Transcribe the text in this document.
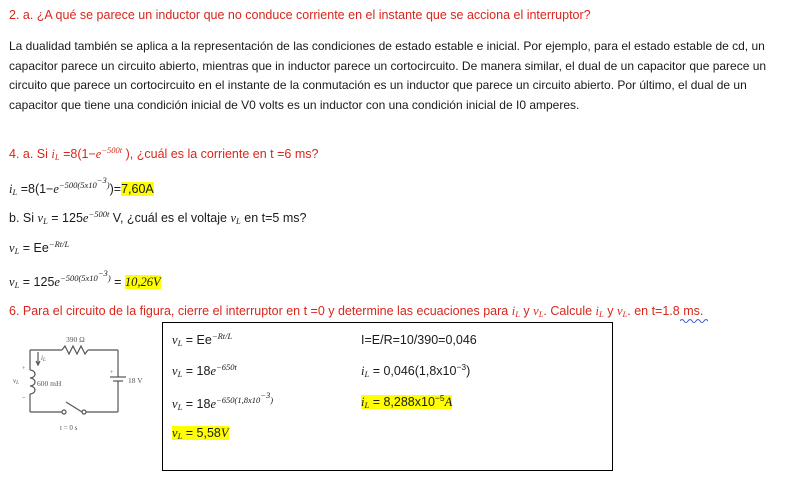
2. a. ¿A qué se parece un inductor que no conduce corriente en el instante que se acciona el interruptor?
La dualidad también se aplica a la representación de las condiciones de estado estable e inicial. Por ejemplo, para el estado estable de cd, un capacitor parece un circuito abierto, mientras que in inductor parece un cortocircuito. De manera similar, el dual de un capacitor que parece un circuito que parece un cortocircuito en el instante de la conmutación es un inductor que parece un circuito abierto. Por último, el dual de un capacitor que tiene una condición inicial de V0 volts es un inductor con una condición inicial de I0 amperes.
4. a. Si $i_L =8(1-e^{-500t}$ ), ¿cuál es la corriente en t =6 ms?
$i_L =8(1-e^{-500(5x10^{-3})})=7,60A$
b. Si $v_L = 125e^{-500t}$ V, ¿cuál es el voltaje $v_L$ en t=5 ms?
$v_L = Ee^{-Rt/L}$
$v_L = 125e^{-500(5x10^{-3})} = 10,26V$
6. Para el circuito de la figura, cierre el interruptor en t =0 y determine las ecuaciones para $i_L$ y $v_L$. Calcule $i_L$ y $v_L$. en t=1.8 ms.
390 Ω
600 mH	18 V
t = 0 s
iL
vL
+
−
+
$v_L = Ee^{-Rt/L}$
$v_L = 18e^{-650t}$
$v_L = 18e^{-650(1,8x10^{-3})}$
$v_L = 5,58V$
I=E/R=10/390=0,046
$i_L = 0,046(1,8x10^{-3})$
$i_L = 8,288x10^{-5}A$
